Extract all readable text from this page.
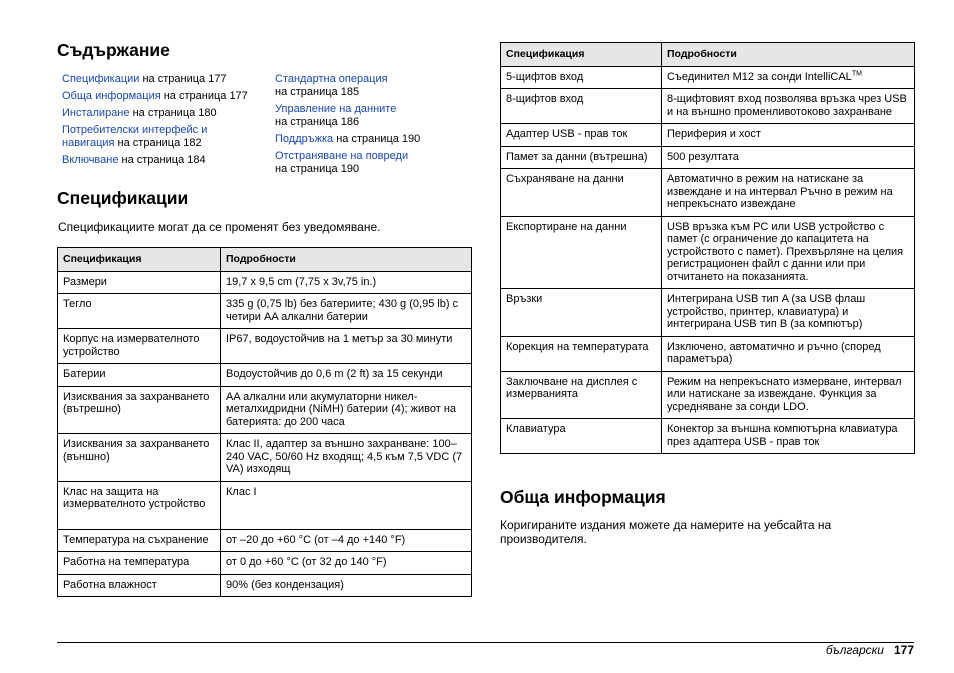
Съдържание
Спецификации на страница 177
Обща информация на страница 177
Инсталиране на страница 180
Потребителски интерфейс и навигация на страница 182
Включване на страница 184
Стандартна операция
на страница 185
Управление на данните
на страница 186
Поддръжка на страница 190
Отстраняване на повреди
на страница 190
Спецификации

Спецификациите могат да се променят без уведомяване.

Спецификация	Подробности
Размери	19,7 x 9,5 cm (7,75 x 3v,75 in.)
Тегло	335 g (0,75 lb) без батериите; 430 g (0,95 lb) с четири AA алкални батерии
Корпус на измервателното устройство	IP67, водоустойчив на 1 метър за 30 минути
Батерии	Водоустойчив до 0,6 m (2 ft) за 15 секунди
Изисквания за захранването (вътрешно)	AA алкални или акумулаторни никел-металхидридни (NiMH) батерии (4); живот на батерията: до 200 часа
Изисквания за захранването (външно)	Клас II, адаптер за външно захранване: 100–240 VAC, 50/60 Hz входящ; 4,5 към 7,5 VDC (7 VA) изходящ
Клас на защита на измервателното устройство	Клас I
Температура на съхранение	от –20 до +60 °C (от –4 до +140 °F)
Работна на температура	от 0 до +60 °C (от 32 до 140 °F)
Работна влажност	90% (без кондензация)
Спецификация	Подробности
5-щифтов вход	Съединител M12 за сонди IntelliCAL™
8-щифтов вход	8-щифтовият вход позволява връзка чрез USB и на външно променливотоково захранване
Адаптер USB - прав ток	Периферия и хост
Памет за данни (вътрешна)	500 резултата
Съхраняване на данни	Автоматично в режим на натискане за извеждане и на интервал Ръчно в режим на непрекъснато извеждане
Експортиране на данни	USB връзка към PC или USB устройство с памет (с ограничение до капацитета на устройството с памет). Прехвърляне на целия регистрационен файл с данни или при отчитането на показанията.
Връзки	Интегрирана USB тип A (за USB флаш устройство, принтер, клавиатура) и интегрирана USB тип B (за компютър)
Корекция на температурата	Изключено, автоматично и ръчно (според параметъра)
Заключване на дисплея с измерванията	Режим на непрекъснато измерване, интервал или натискане за извеждане. Функция за усредняване за сонди LDO.
Клавиатура	Конектор за външна компютърна клавиатура през адаптера USB - прав ток
Обща информация

Коригираните издания можете да намерите на уебсайта на производителя.

български 177
